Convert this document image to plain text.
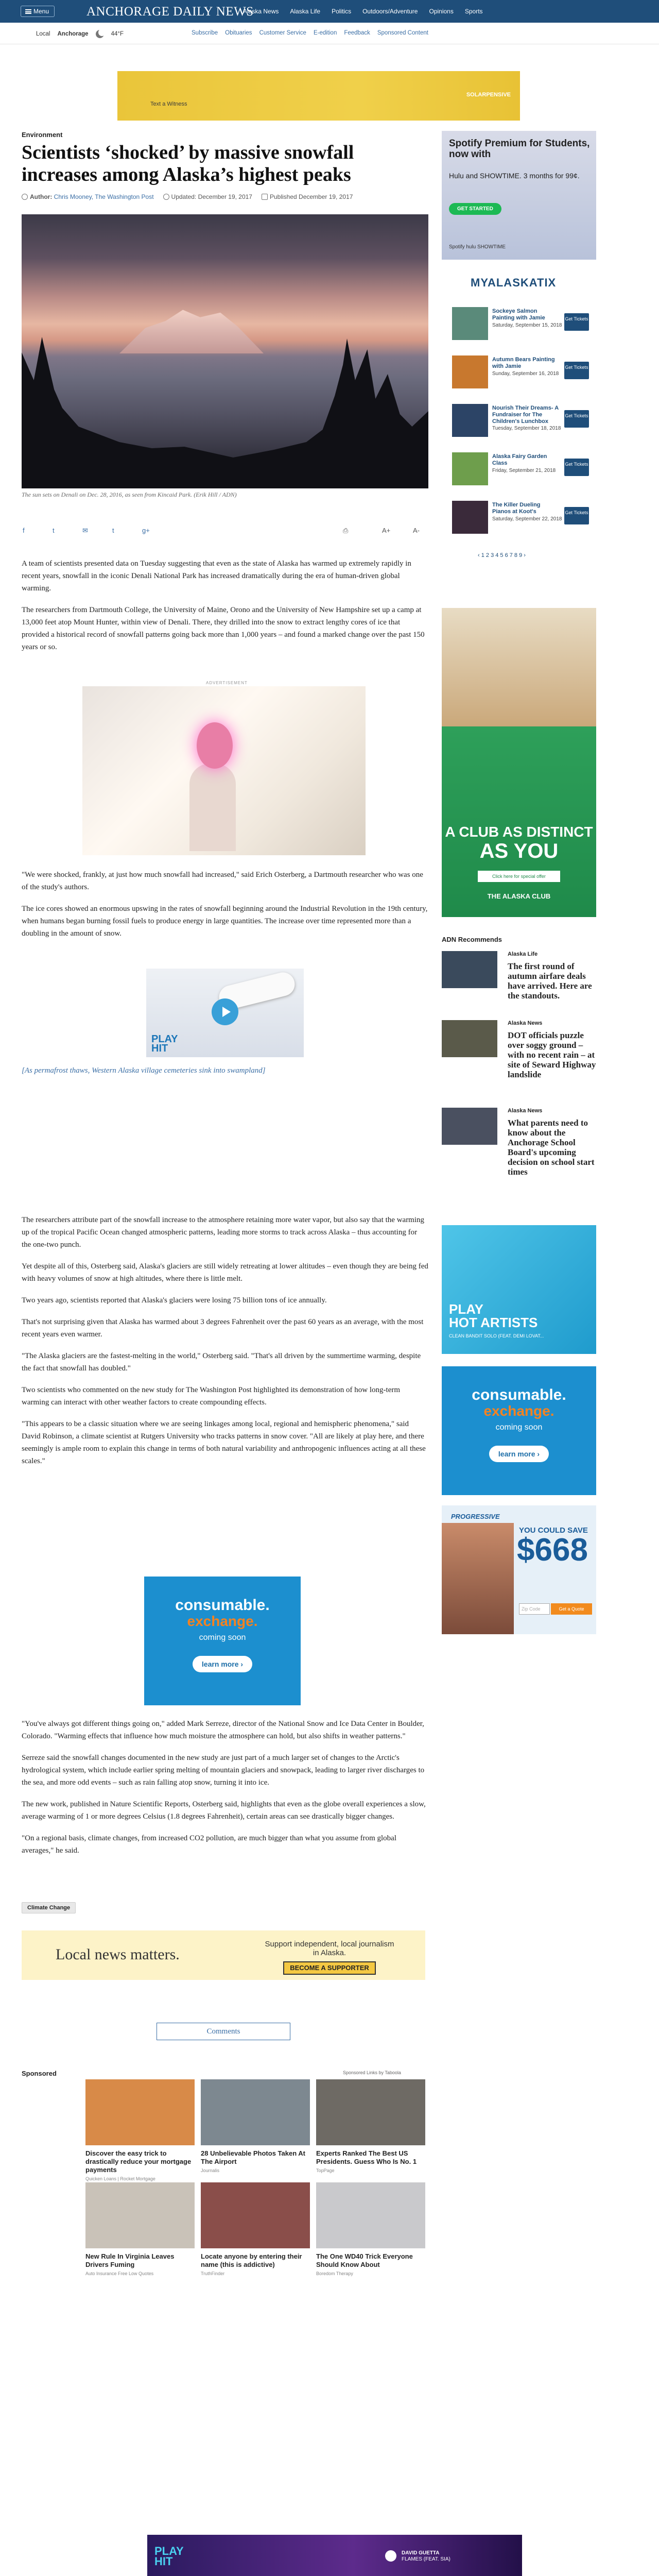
Menu	ANCHORAGE DAILY NEWS
Alaska News Alaska Life Politics Outdoors/Adventure Opinions Sports
Local Anchorage	44°F	Subscribe Obituaries Customer Service E-edition Feedback Sponsored Content
Text a Witness
SOLARPENSIVE
Environment
Scientists ‘shocked’ by massive snowfall increases among Alaska’s highest peaks
Author: Chris Mooney, The Washington Post	Updated: December 19, 2017	Published December 19, 2017
The sun sets on Denali on Dec. 28, 2016, as seen from Kincaid Park. (Erik Hill / ADN)
f	t	✉	t	g+	⎙	A+	A-

A team of scientists presented data on Tuesday suggesting that even as the state of Alaska has warmed up extremely rapidly in recent years, snowfall in the iconic Denali National Park has increased dramatically during the era of human-driven global warming.

The researchers from Dartmouth College, the University of Maine, Orono and the University of New Hampshire set up a camp at 13,000 feet atop Mount Hunter, within view of Denali. There, they drilled into the snow to extract lengthy cores of ice that provided a historical record of snowfall patterns going back more than 1,000 years – and found a marked change over the past 150 years or so.

ADVERTISEMENT

"We were shocked, frankly, at just how much snowfall had increased," said Erich Osterberg, a Dartmouth researcher who was one of the study's authors.

The ice cores showed an enormous upswing in the rates of snowfall beginning around the Industrial Revolution in the 19th century, when humans began burning fossil fuels to produce energy in large quantities. The increase over time represented more than a doubling in the amount of snow.

PLAY
HIT
[As permafrost thaws, Western Alaska village cemeteries sink into swampland]

The researchers attribute part of the snowfall increase to the atmosphere retaining more water vapor, but also say that the warming up of the tropical Pacific Ocean changed atmospheric patterns, leading more storms to track across Alaska – thus accounting for the one-two punch.

Yet despite all of this, Osterberg said, Alaska's glaciers are still widely retreating at lower altitudes – even though they are being fed with heavy volumes of snow at high altitudes, where there is little melt.

Two years ago, scientists reported that Alaska's glaciers were losing 75 billion tons of ice annually.

That's not surprising given that Alaska has warmed about 3 degrees Fahrenheit over the past 60 years as an average, with the most recent years even warmer.

"The Alaska glaciers are the fastest-melting in the world," Osterberg said. "That's all driven by the summertime warming, despite the fact that snowfall has doubled."

Two scientists who commented on the new study for The Washington Post highlighted its demonstration of how long-term warming can interact with other weather factors to create compounding effects.

"This appears to be a classic situation where we are seeing linkages among local, regional and hemispheric phenomena," said David Robinson, a climate scientist at Rutgers University who tracks patterns in snow cover. "All are likely at play here, and there seemingly is ample room to explain this change in terms of both natural variability and anthropogenic influences acting at all these scales."

consumable.
exchange.
coming soon
learn more ›

"You've always got different things going on," added Mark Serreze, director of the National Snow and Ice Data Center in Boulder, Colorado. "Warming effects that influence how much moisture the atmosphere can hold, but also shifts in weather patterns."

Serreze said the snowfall changes documented in the new study are just part of a much larger set of changes to the Arctic's hydrological system, which include earlier spring melting of mountain glaciers and snowpack, leading to larger river discharges to the sea, and more odd events – such as rain falling atop snow, turning it into ice.

The new work, published in Nature Scientific Reports, Osterberg said, highlights that even as the globe overall experiences a slow, average warming of 1 or more degrees Celsius (1.8 degrees Fahrenheit), certain areas can see drastically bigger changes.

"On a regional basis, climate changes, from increased CO2 pollution, are much bigger than what you assume from global averages," he said.

Climate Change
Local news matters.
Support independent, local journalism in Alaska.
BECOME A SUPPORTER
Comments
Sponsored	Sponsored Links by Taboola
Discover the easy trick to drastically reduce your mortgage payments
Quicken Loans | Rocket Mortgage
28 Unbelievable Photos Taken At The Airport
Journalis
Experts Ranked The Best US Presidents. Guess Who Is No. 1
TopPage
New Rule In Virginia Leaves Drivers Fuming
Auto Insurance Free Low Quotes
Locate anyone by entering their name (this is addictive)
TruthFinder
The One WD40 Trick Everyone Should Know About
Boredom Therapy
PLAY
HIT
DAVID GUETTA
FLAMES (FEAT. SIA)
Spotify Premium for Students, now with
Hulu and SHOWTIME. 3 months for 99¢.
GET STARTED
Spotify hulu SHOWTIME
MYALASKATIX
Sockeye Salmon Painting with Jamie
Saturday, September 15, 2018
Get Tickets
Autumn Bears Painting with Jamie
Sunday, September 16, 2018
Get Tickets
Nourish Their Dreams- A Fundraiser for The Children's Lunchbox
Tuesday, September 18, 2018
Get Tickets
Alaska Fairy Garden Class
Friday, September 21, 2018
Get Tickets
The Killer Dueling Pianos at Koot's
Saturday, September 22, 2018
Get Tickets
‹ 1 2 3 4 5 6 7 8 9 ›
A CLUB AS DISTINCT
AS YOU
Click here for special offer
THE ALASKA CLUB
ADN Recommends
Alaska Life
The first round of autumn airfare deals have arrived. Here are the standouts.
Alaska News
DOT officials puzzle over soggy ground – with no recent rain – at site of Seward Highway landslide
Alaska News
What parents need to know about the Anchorage School Board's upcoming decision on school start times
PLAY
HOT ARTISTS
CLEAN BANDIT SOLO (FEAT. DEMI LOVAT...
consumable.
exchange.
coming soon
learn more ›
PROGRESSIVE
YOU COULD SAVE
$668
Zip Code	Get a Quote
